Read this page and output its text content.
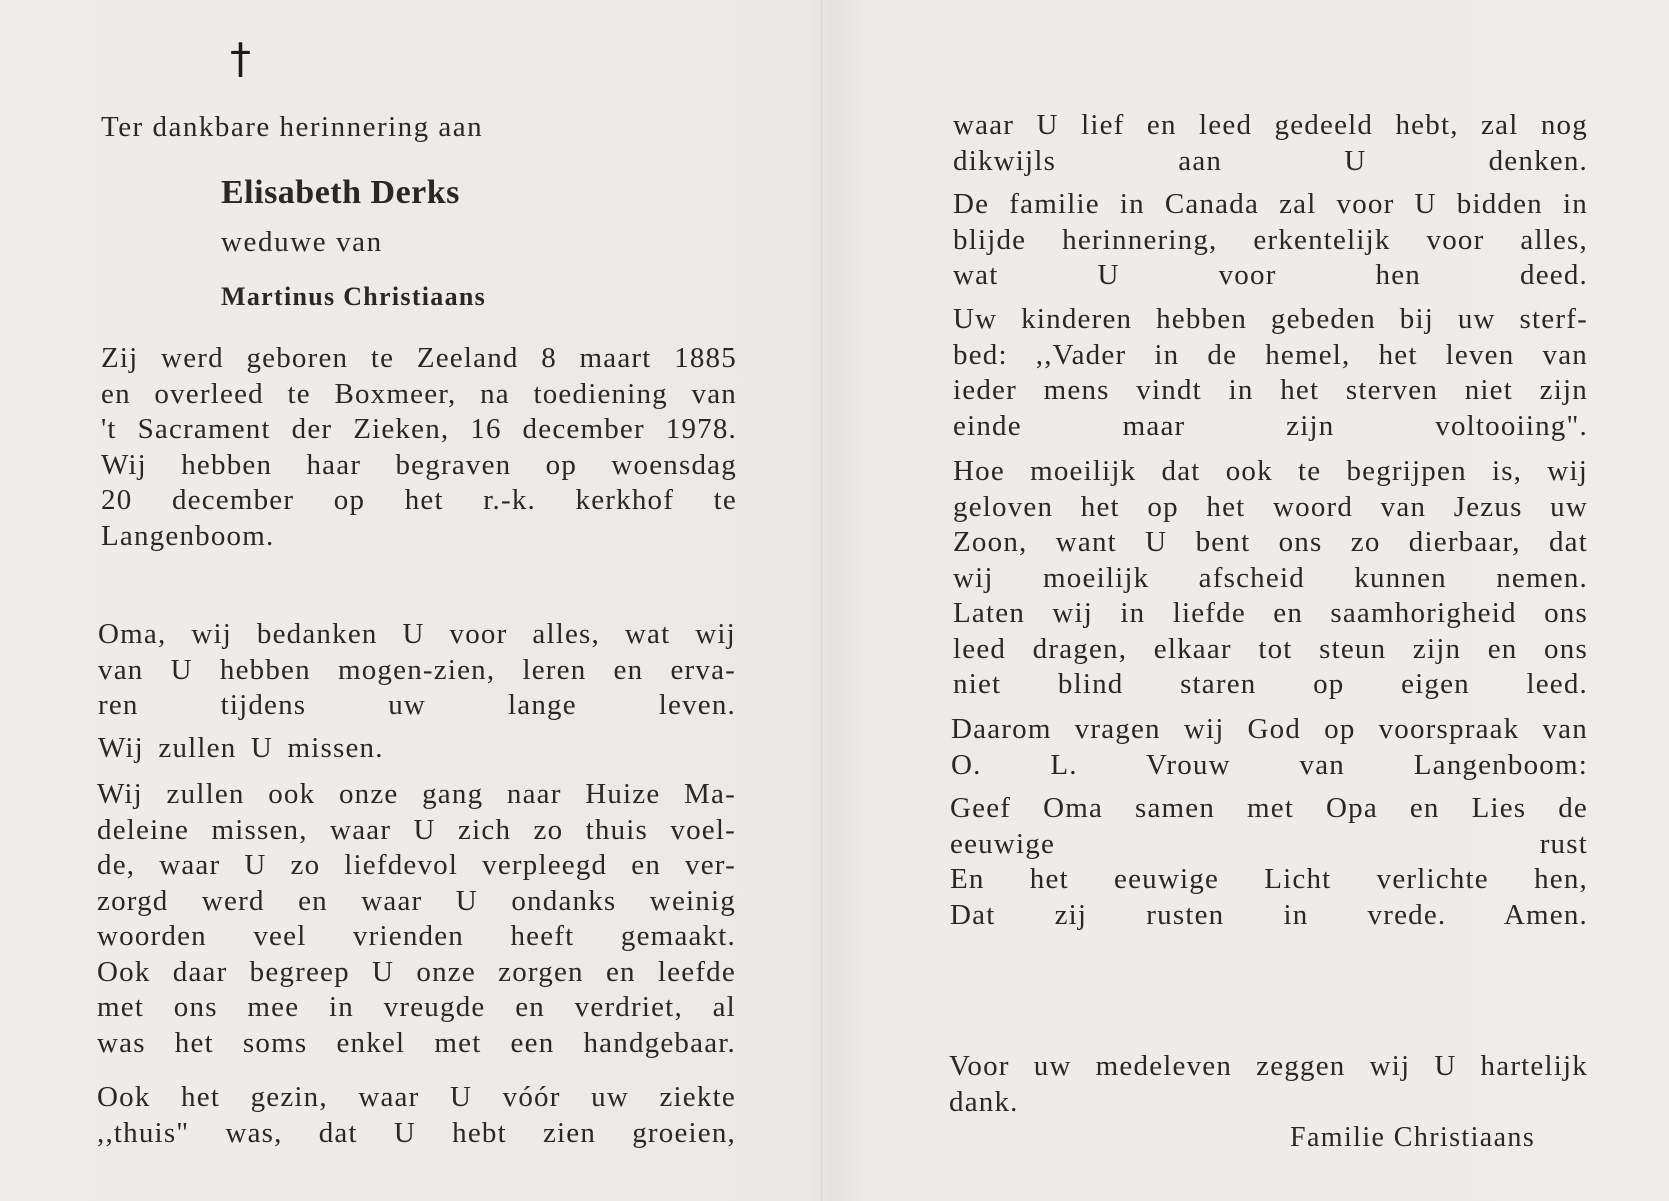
†
Ter dankbare herinnering aan
Elisabeth Derks
weduwe van
Martinus Christiaans
Zij werd geboren te Zeeland 8 maart 1885
en overleed te Boxmeer, na toediening van
't Sacrament der Zieken, 16 december 1978.
Wij hebben haar begraven op woensdag
20 december op het r.-k. kerkhof te
Langenboom.
Oma, wij bedanken U voor alles, wat wij
van U hebben mogen-zien, leren en erva-
ren tijdens uw lange leven.
Wij zullen U missen.
Wij zullen ook onze gang naar Huize Ma-
deleine missen, waar U zich zo thuis voel-
de, waar U zo liefdevol verpleegd en ver-
zorgd werd en waar U ondanks weinig
woorden veel vrienden heeft gemaakt.
Ook daar begreep U onze zorgen en leefde
met ons mee in vreugde en verdriet, al
was het soms enkel met een handgebaar.
Ook het gezin, waar U vóór uw ziekte
,,thuis" was, dat U hebt zien groeien,
waar U lief en leed gedeeld hebt, zal nog
dikwijls aan U denken.
De familie in Canada zal voor U bidden in
blijde herinnering, erkentelijk voor alles,
wat U voor hen deed.
Uw kinderen hebben gebeden bij uw sterf-
bed: ,,Vader in de hemel, het leven van
ieder mens vindt in het sterven niet zijn
einde maar zijn voltooiing".
Hoe moeilijk dat ook te begrijpen is, wij
geloven het op het woord van Jezus uw
Zoon, want U bent ons zo dierbaar, dat
wij moeilijk afscheid kunnen nemen.
Laten wij in liefde en saamhorigheid ons
leed dragen, elkaar tot steun zijn en ons
niet blind staren op eigen leed.
Daarom vragen wij God op voorspraak van
O. L. Vrouw van Langenboom:
Geef Oma samen met Opa en Lies de
eeuwige rust
En het eeuwige Licht verlichte hen,
Dat zij rusten in vrede. Amen.
Voor uw medeleven zeggen wij U hartelijk
dank.
Familie Christiaans
